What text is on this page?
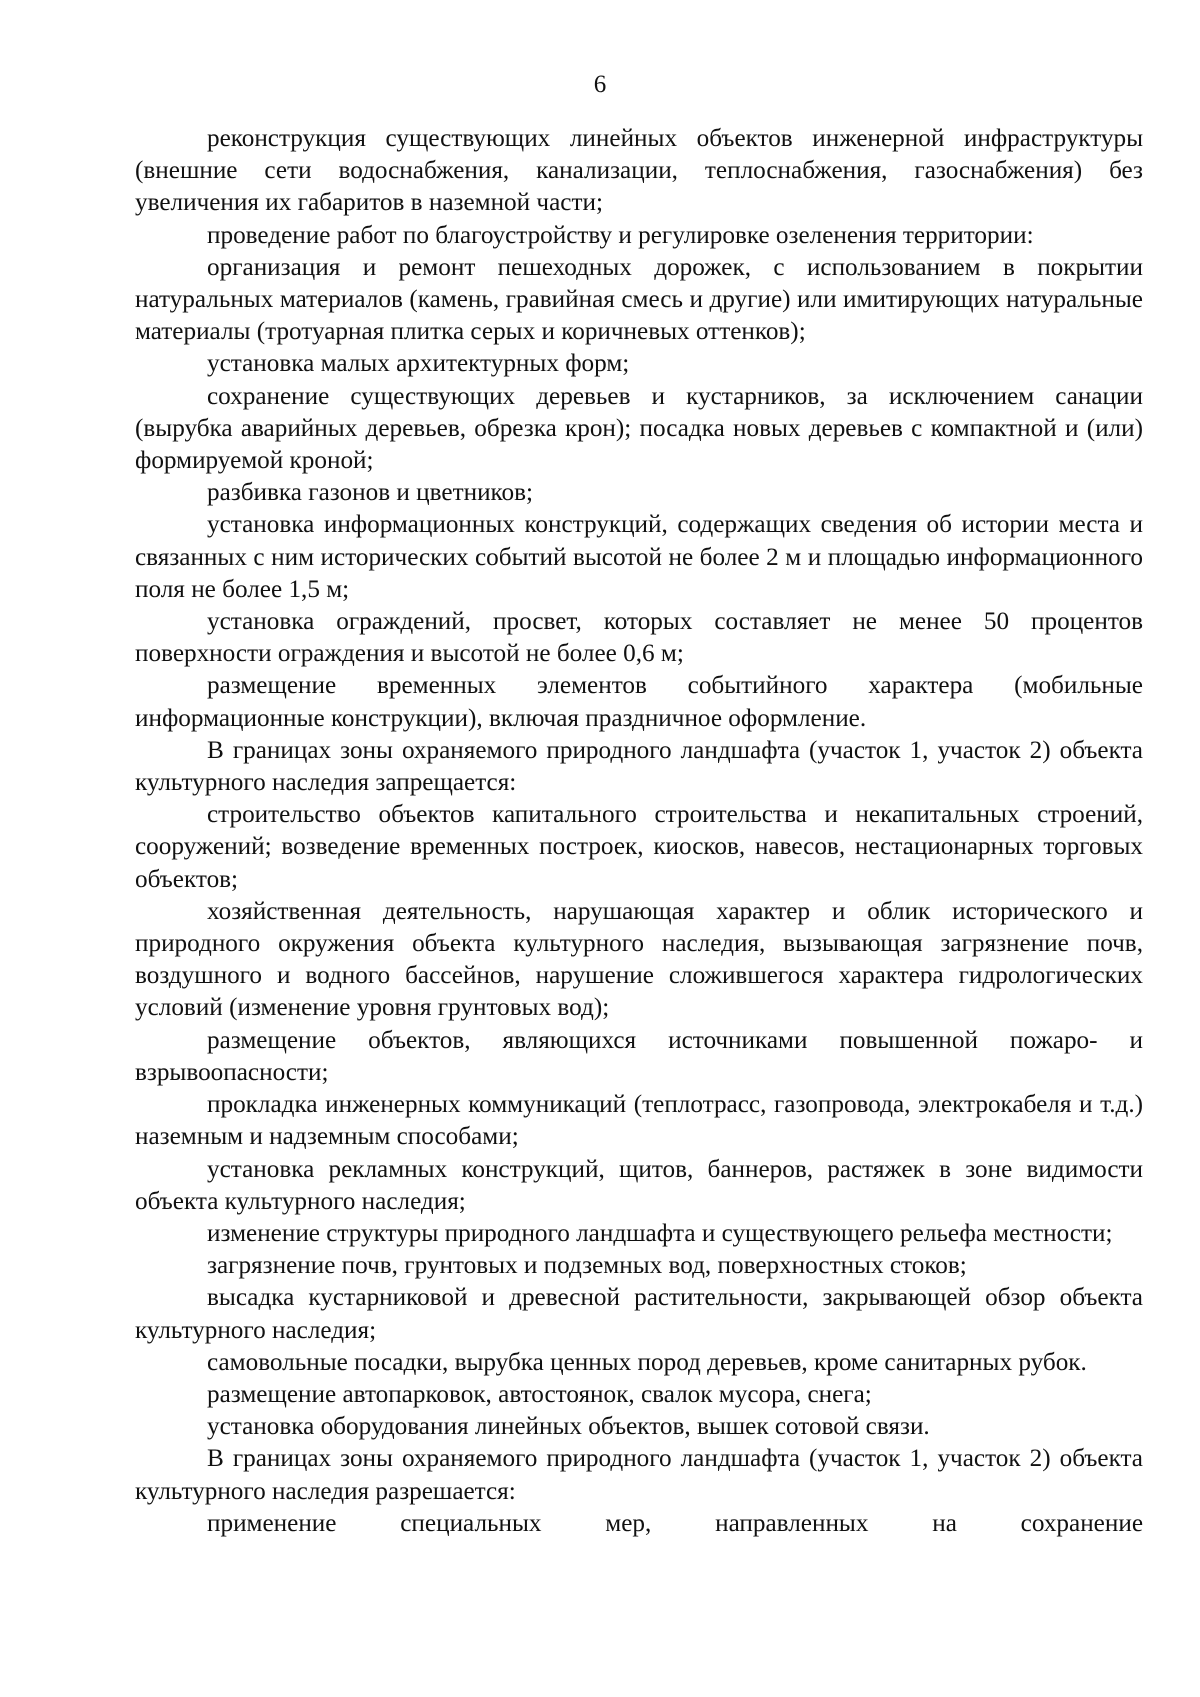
6

реконструкция существующих линейных объектов инженерной инфраструктуры (внешние сети водоснабжения, канализации, теплоснабжения, газоснабжения) без увеличения их габаритов в наземной части;

проведение работ по благоустройству и регулировке озеленения территории:

организация и ремонт пешеходных дорожек, с использованием в покрытии натуральных материалов (камень, гравийная смесь и другие) или имитирующих натуральные материалы (тротуарная плитка серых и коричневых оттенков);

установка малых архитектурных форм;

сохранение существующих деревьев и кустарников, за исключением санации (вырубка аварийных деревьев, обрезка крон); посадка новых деревьев с компактной и (или) формируемой кроной;

разбивка газонов и цветников;

установка информационных конструкций, содержащих сведения об истории места и связанных с ним исторических событий высотой не более 2 м и площадью информационного поля не более 1,5 м;

установка ограждений, просвет, которых составляет не менее 50 процентов поверхности ограждения и высотой не более 0,6 м;

размещение временных элементов событийного характера (мобильные информационные конструкции), включая праздничное оформление.

В границах зоны охраняемого природного ландшафта (участок 1, участок 2) объекта культурного наследия запрещается:

строительство объектов капитального строительства и некапитальных строений, сооружений; возведение временных построек, киосков, навесов, нестационарных торговых объектов;

хозяйственная деятельность, нарушающая характер и облик исторического и природного окружения объекта культурного наследия, вызывающая загрязнение почв, воздушного и водного бассейнов, нарушение сложившегося характера гидрологических условий (изменение уровня грунтовых вод);

размещение объектов, являющихся источниками повышенной пожаро- и взрывоопасности;

прокладка инженерных коммуникаций (теплотрасс, газопровода, электрокабеля и т.д.) наземным и надземным способами;

установка рекламных конструкций, щитов, баннеров, растяжек в зоне видимости объекта культурного наследия;

изменение структуры природного ландшафта и существующего рельефа местности;

загрязнение почв, грунтовых и подземных вод, поверхностных стоков;

высадка кустарниковой и древесной растительности, закрывающей обзор объекта культурного наследия;

самовольные посадки, вырубка ценных пород деревьев, кроме санитарных рубок.

размещение автопарковок, автостоянок, свалок мусора, снега;

установка оборудования линейных объектов, вышек сотовой связи.

В границах зоны охраняемого природного ландшафта (участок 1, участок 2) объекта культурного наследия разрешается:

применение специальных мер, направленных на сохранение
